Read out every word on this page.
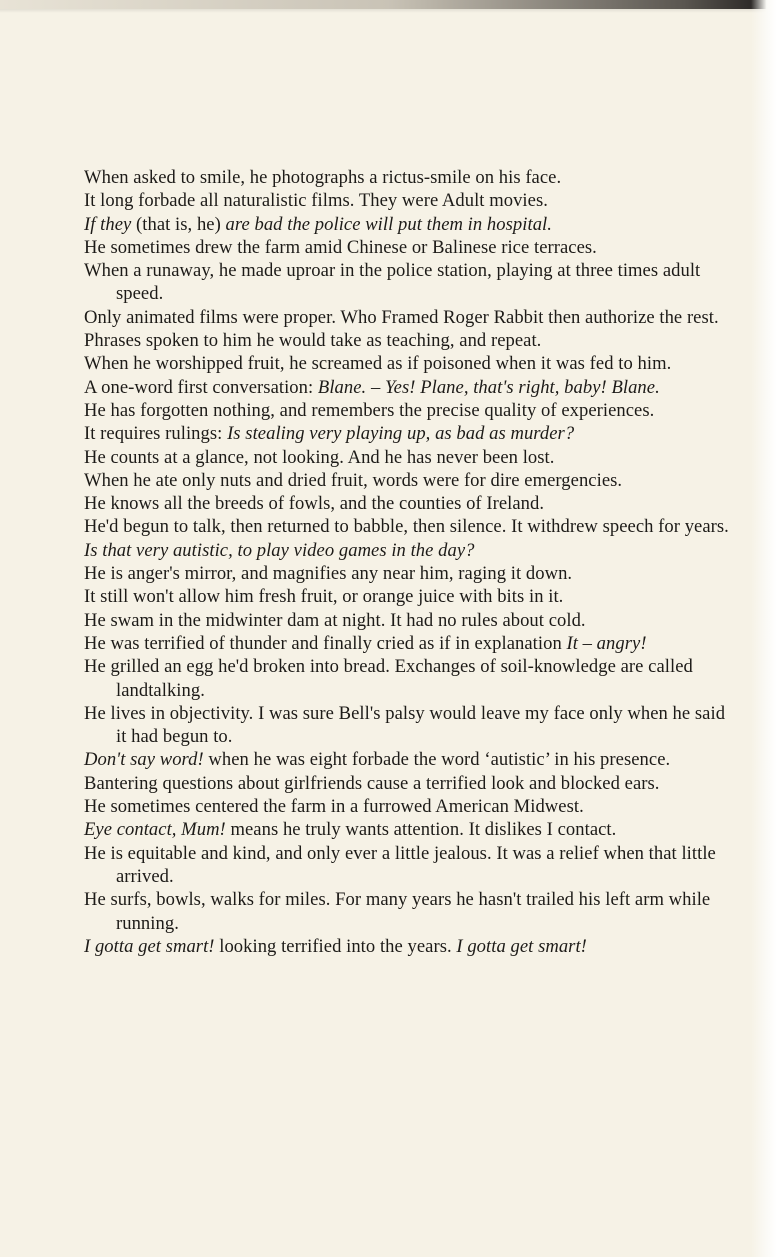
When asked to smile, he photographs a rictus-smile on his face.

It long forbade all naturalistic films. They were Adult movies.

If they (that is, he) are bad the police will put them in hospital.

He sometimes drew the farm amid Chinese or Balinese rice terraces.

When a runaway, he made uproar in the police station, playing at three times adult speed.

Only animated films were proper. Who Framed Roger Rabbit then authorize the rest.

Phrases spoken to him he would take as teaching, and repeat.

When he worshipped fruit, he screamed as if poisoned when it was fed to him.

A one-word first conversation: Blane. – Yes! Plane, that's right, baby! Blane.

He has forgotten nothing, and remembers the precise quality of experiences.

It requires rulings: Is stealing very playing up, as bad as murder?

He counts at a glance, not looking. And he has never been lost.

When he ate only nuts and dried fruit, words were for dire emergencies.

He knows all the breeds of fowls, and the counties of Ireland.

He'd begun to talk, then returned to babble, then silence. It withdrew speech for years.

Is that very autistic, to play video games in the day?

He is anger's mirror, and magnifies any near him, raging it down.

It still won't allow him fresh fruit, or orange juice with bits in it.

He swam in the midwinter dam at night. It had no rules about cold.

He was terrified of thunder and finally cried as if in explanation It – angry!

He grilled an egg he'd broken into bread. Exchanges of soil-knowledge are called landtalking.

He lives in objectivity. I was sure Bell's palsy would leave my face only when he said it had begun to.

Don't say word! when he was eight forbade the word ‘autistic’ in his presence.

Bantering questions about girlfriends cause a terrified look and blocked ears.

He sometimes centered the farm in a furrowed American Midwest.

Eye contact, Mum! means he truly wants attention. It dislikes I contact.

He is equitable and kind, and only ever a little jealous. It was a relief when that little arrived.

He surfs, bowls, walks for miles. For many years he hasn't trailed his left arm while running.

I gotta get smart! looking terrified into the years. I gotta get smart!
